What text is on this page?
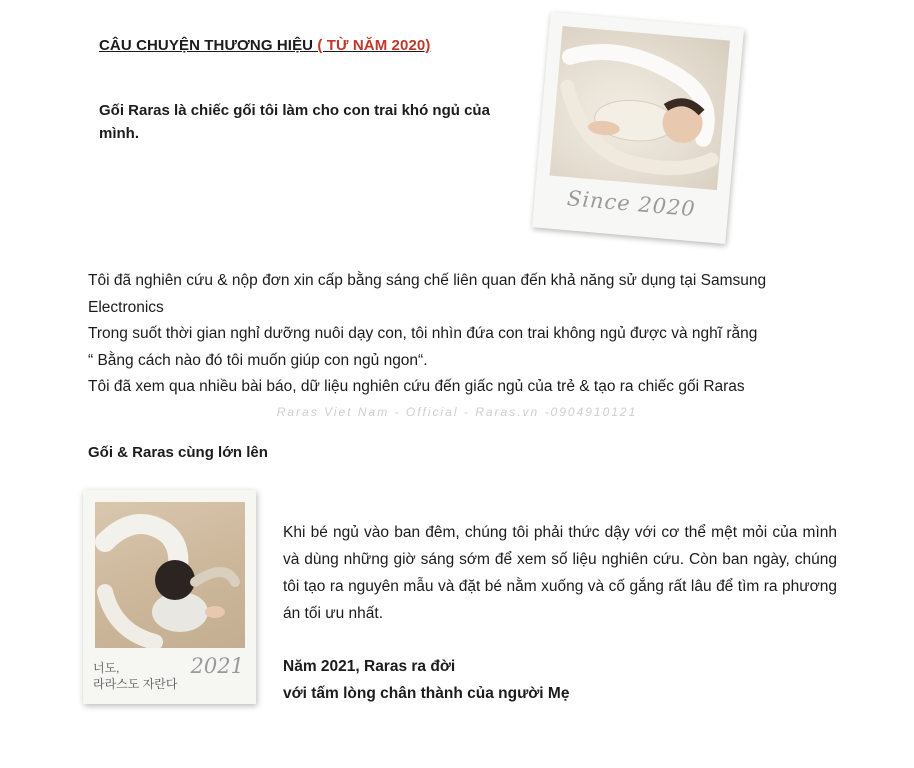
CÂU CHUYỆN THƯƠNG HIỆU ( TỪ NĂM 2020)

Gối Raras là chiếc gối tôi làm cho con trai khó ngủ của mình.

Since 2020

Tôi đã nghiên cứu & nộp đơn xin cấp bằng sáng chế liên quan đến khả năng sử dụng tại Samsung Electronics

Trong suốt thời gian nghỉ dưỡng nuôi dạy con, tôi nhìn đứa con trai không ngủ được và nghĩ rằng

“ Bằng cách nào đó tôi muốn giúp con ngủ ngon“.

Tôi đã xem qua nhiều bài báo, dữ liệu nghiên cứu đến giấc ngủ của trẻ & tạo ra chiếc gối Raras

Raras Viet Nam - Official - Raras.vn -0904910121
Gối & Raras cùng lớn lên
너도,
라라스도 자란다
2021

Khi bé ngủ vào ban đêm, chúng tôi phải thức dậy với cơ thể mệt mỏi của mình và dùng những giờ sáng sớm để xem số liệu nghiên cứu. Còn ban ngày, chúng tôi tạo ra nguyên mẫu và đặt bé nằm xuống và cố gắng rất lâu để tìm ra phương án tối ưu nhất.

Năm 2021, Raras ra đời
với tấm lòng chân thành của người Mẹ
